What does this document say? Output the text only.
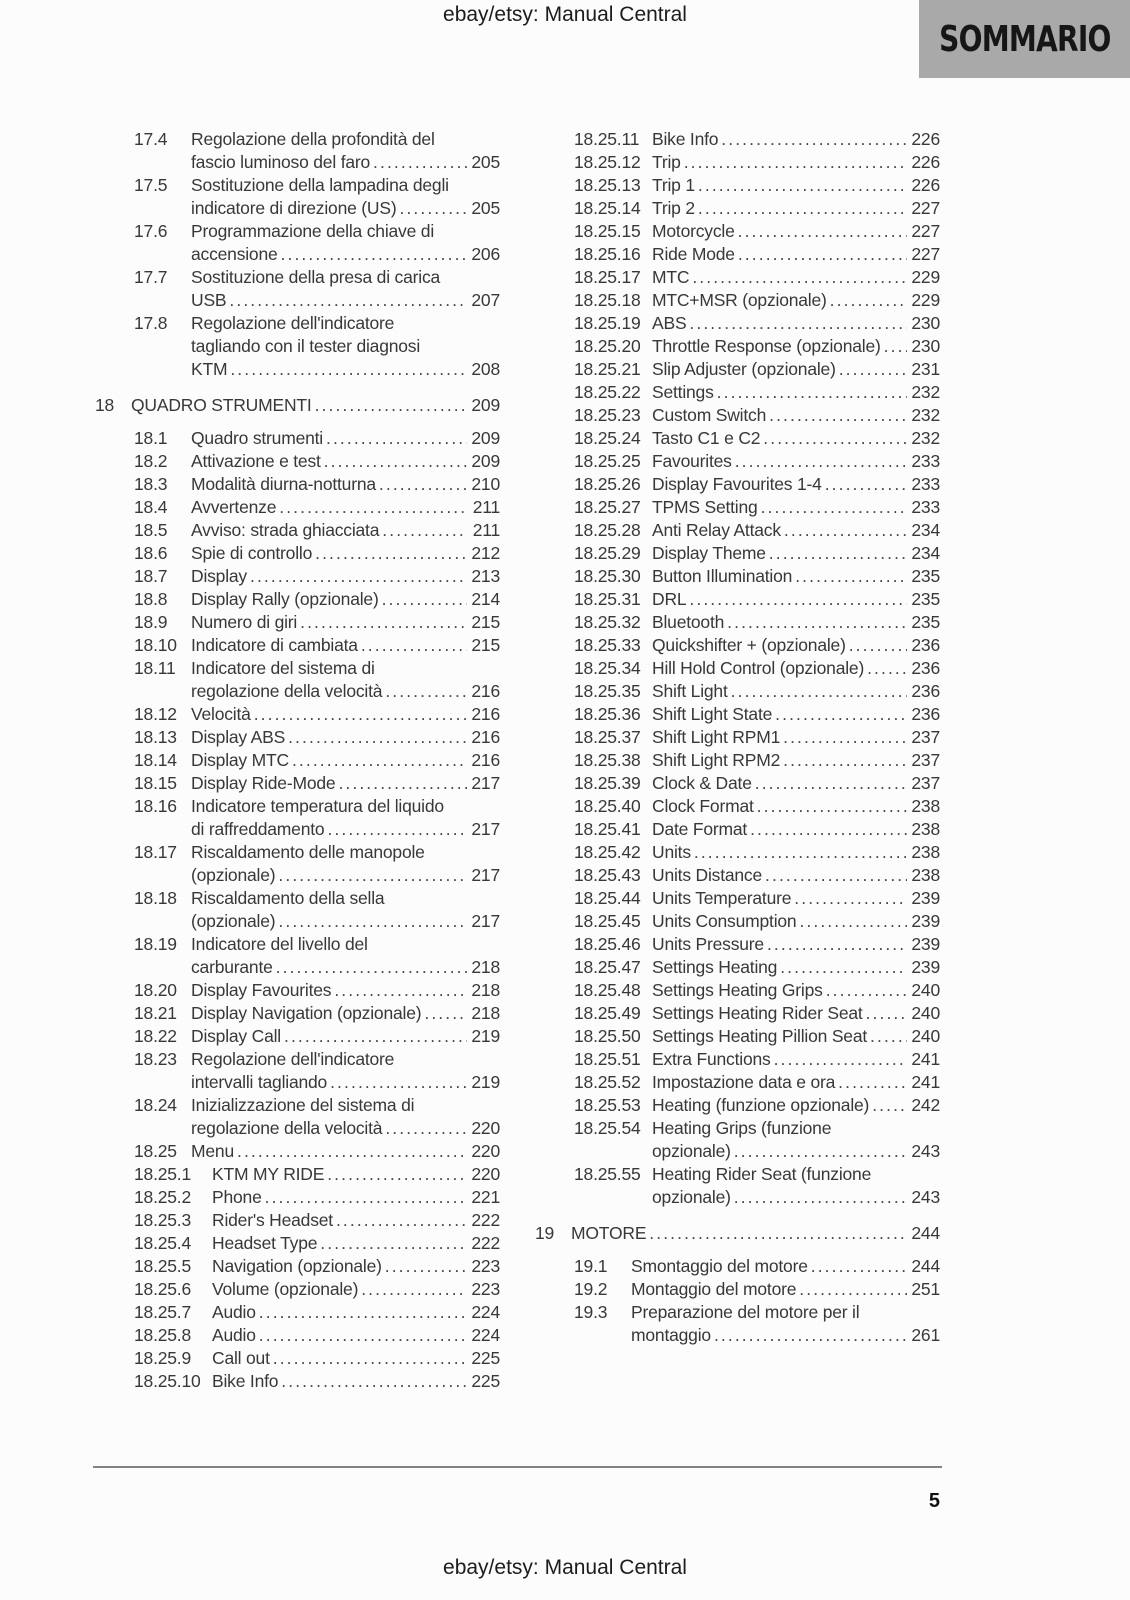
ebay/etsy: Manual Central
SOMMARIO
17.4	Regolazione della profondità del
fascio luminoso del faro .....	205
17.5	Sostituzione della lampadina degli
indicatore di direzione (US) .....	205
17.6	Programmazione della chiave di
accensione .....	206
17.7	Sostituzione della presa di carica
USB .....	207
17.8	Regolazione dell'indicatore
tagliando con il tester diagnosi
KTM .....	208
18 QUADRO STRUMENTI .....	209
18.1	Quadro strumenti .....	209
18.2	Attivazione e test .....	209
18.3	Modalità diurna-notturna .....	210
18.4	Avvertenze .....	211
18.5	Avviso: strada ghiacciata .....	211
18.6	Spie di controllo .....	212
18.7	Display .....	213
18.8	Display Rally (opzionale) .....	214
18.9	Numero di giri .....	215
18.10 Indicatore di cambiata .....	215
18.11 Indicatore del sistema di
regolazione della velocità .....	216
18.12 Velocità .....	216
18.13 Display ABS .....	216
18.14 Display MTC .....	216
18.15 Display Ride-Mode .....	217
18.16 Indicatore temperatura del liquido
di raffreddamento .....	217
18.17 Riscaldamento delle manopole
(opzionale) .....	217
18.18 Riscaldamento della sella
(opzionale) .....	217
18.19 Indicatore del livello del
carburante .....	218
18.20 Display Favourites .....	218
18.21 Display Navigation (opzionale) .....	218
18.22 Display Call .....	219
18.23 Regolazione dell'indicatore
intervalli tagliando .....	219
18.24 Inizializzazione del sistema di
regolazione della velocità .....	220
18.25 Menu .....	220
18.25.1	KTM MY RIDE .....	220
18.25.2	Phone .....	221
18.25.3	Rider's Headset .....	222
18.25.4	Headset Type .....	222
18.25.5	Navigation (opzionale) .....	223
18.25.6	Volume (opzionale) .....	223
18.25.7	Audio .....	224
18.25.8	Audio .....	224
18.25.9	Call out .....	225
18.25.10 Bike Info .....	225
18.25.11 Bike Info .....	226
18.25.12 Trip .....	226
18.25.13 Trip 1 .....	226
18.25.14 Trip 2 .....	227
18.25.15 Motorcycle .....	227
18.25.16 Ride Mode .....	227
18.25.17 MTC .....	229
18.25.18 MTC+MSR (opzionale) .....	229
18.25.19 ABS .....	230
18.25.20 Throttle Response (opzionale) ..... 230
18.25.21 Slip Adjuster (opzionale) .....	231
18.25.22 Settings .....	232
18.25.23 Custom Switch .....	232
18.25.24 Tasto C1 e C2 .....	232
18.25.25 Favourites .....	233
18.25.26 Display Favourites 1-4 .....	233
18.25.27 TPMS Setting .....	233
18.25.28 Anti Relay Attack .....	234
18.25.29 Display Theme .....	234
18.25.30 Button Illumination .....	235
18.25.31 DRL .....	235
18.25.32 Bluetooth .....	235
18.25.33 Quickshifter + (opzionale) .....	236
18.25.34 Hill Hold Control (opzionale) .....	236
18.25.35 Shift Light .....	236
18.25.36 Shift Light State .....	236
18.25.37 Shift Light RPM1 .....	237
18.25.38 Shift Light RPM2 .....	237
18.25.39 Clock & Date .....	237
18.25.40 Clock Format .....	238
18.25.41 Date Format .....	238
18.25.42 Units .....	238
18.25.43 Units Distance .....	238
18.25.44 Units Temperature .....	239
18.25.45 Units Consumption .....	239
18.25.46 Units Pressure .....	239
18.25.47 Settings Heating .....	239
18.25.48 Settings Heating Grips .....	240
18.25.49 Settings Heating Rider Seat .....	240
18.25.50 Settings Heating Pillion Seat .....	240
18.25.51 Extra Functions .....	241
18.25.52 Impostazione data e ora .....	241
18.25.53 Heating (funzione opzionale) ..... 242
18.25.54 Heating Grips (funzione
opzionale) .....	243
18.25.55 Heating Rider Seat (funzione
opzionale) .....	243
19 MOTORE .....	244
19.1	Smontaggio del motore .....	244
19.2	Montaggio del motore .....	251
19.3	Preparazione del motore per il
montaggio .....	261
5
ebay/etsy: Manual Central
